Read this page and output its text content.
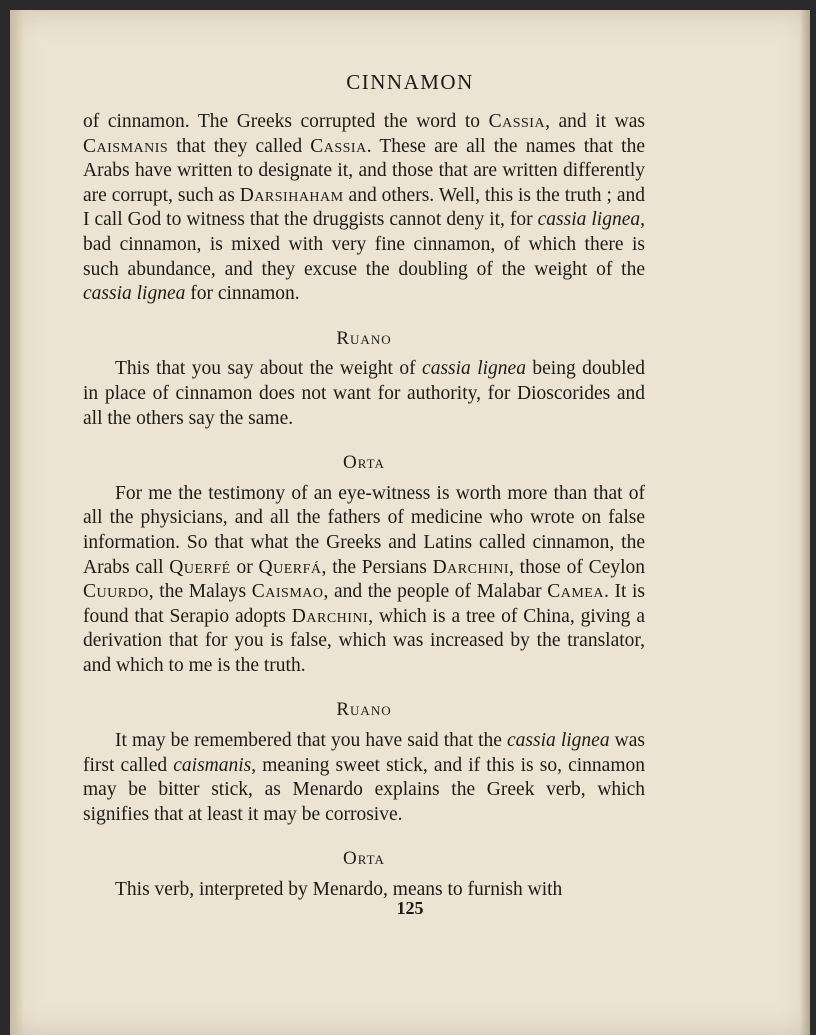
CINNAMON

of cinnamon. The Greeks corrupted the word to Cassia, and it was Caismanis that they called Cassia. These are all the names that the Arabs have written to designate it, and those that are written differently are corrupt, such as Darsihaham and others. Well, this is the truth ; and I call God to witness that the druggists cannot deny it, for cassia lignea, bad cinnamon, is mixed with very fine cinnamon, of which there is such abundance, and they excuse the doubling of the weight of the cassia lignea for cinnamon.

Ruano

This that you say about the weight of cassia lignea being doubled in place of cinnamon does not want for authority, for Dioscorides and all the others say the same.

Orta

For me the testimony of an eye-witness is worth more than that of all the physicians, and all the fathers of medicine who wrote on false information. So that what the Greeks and Latins called cinnamon, the Arabs call Querfé or Querfá, the Persians Darchini, those of Ceylon Cuurdo, the Malays Caismao, and the people of Malabar Camea. It is found that Serapio adopts Darchini, which is a tree of China, giving a derivation that for you is false, which was increased by the translator, and which to me is the truth.

Ruano

It may be remembered that you have said that the cassia lignea was first called caismanis, meaning sweet stick, and if this is so, cinnamon may be bitter stick, as Menardo explains the Greek verb, which signifies that at least it may be corrosive.

Orta

This verb, interpreted by Menardo, means to furnish with

125
